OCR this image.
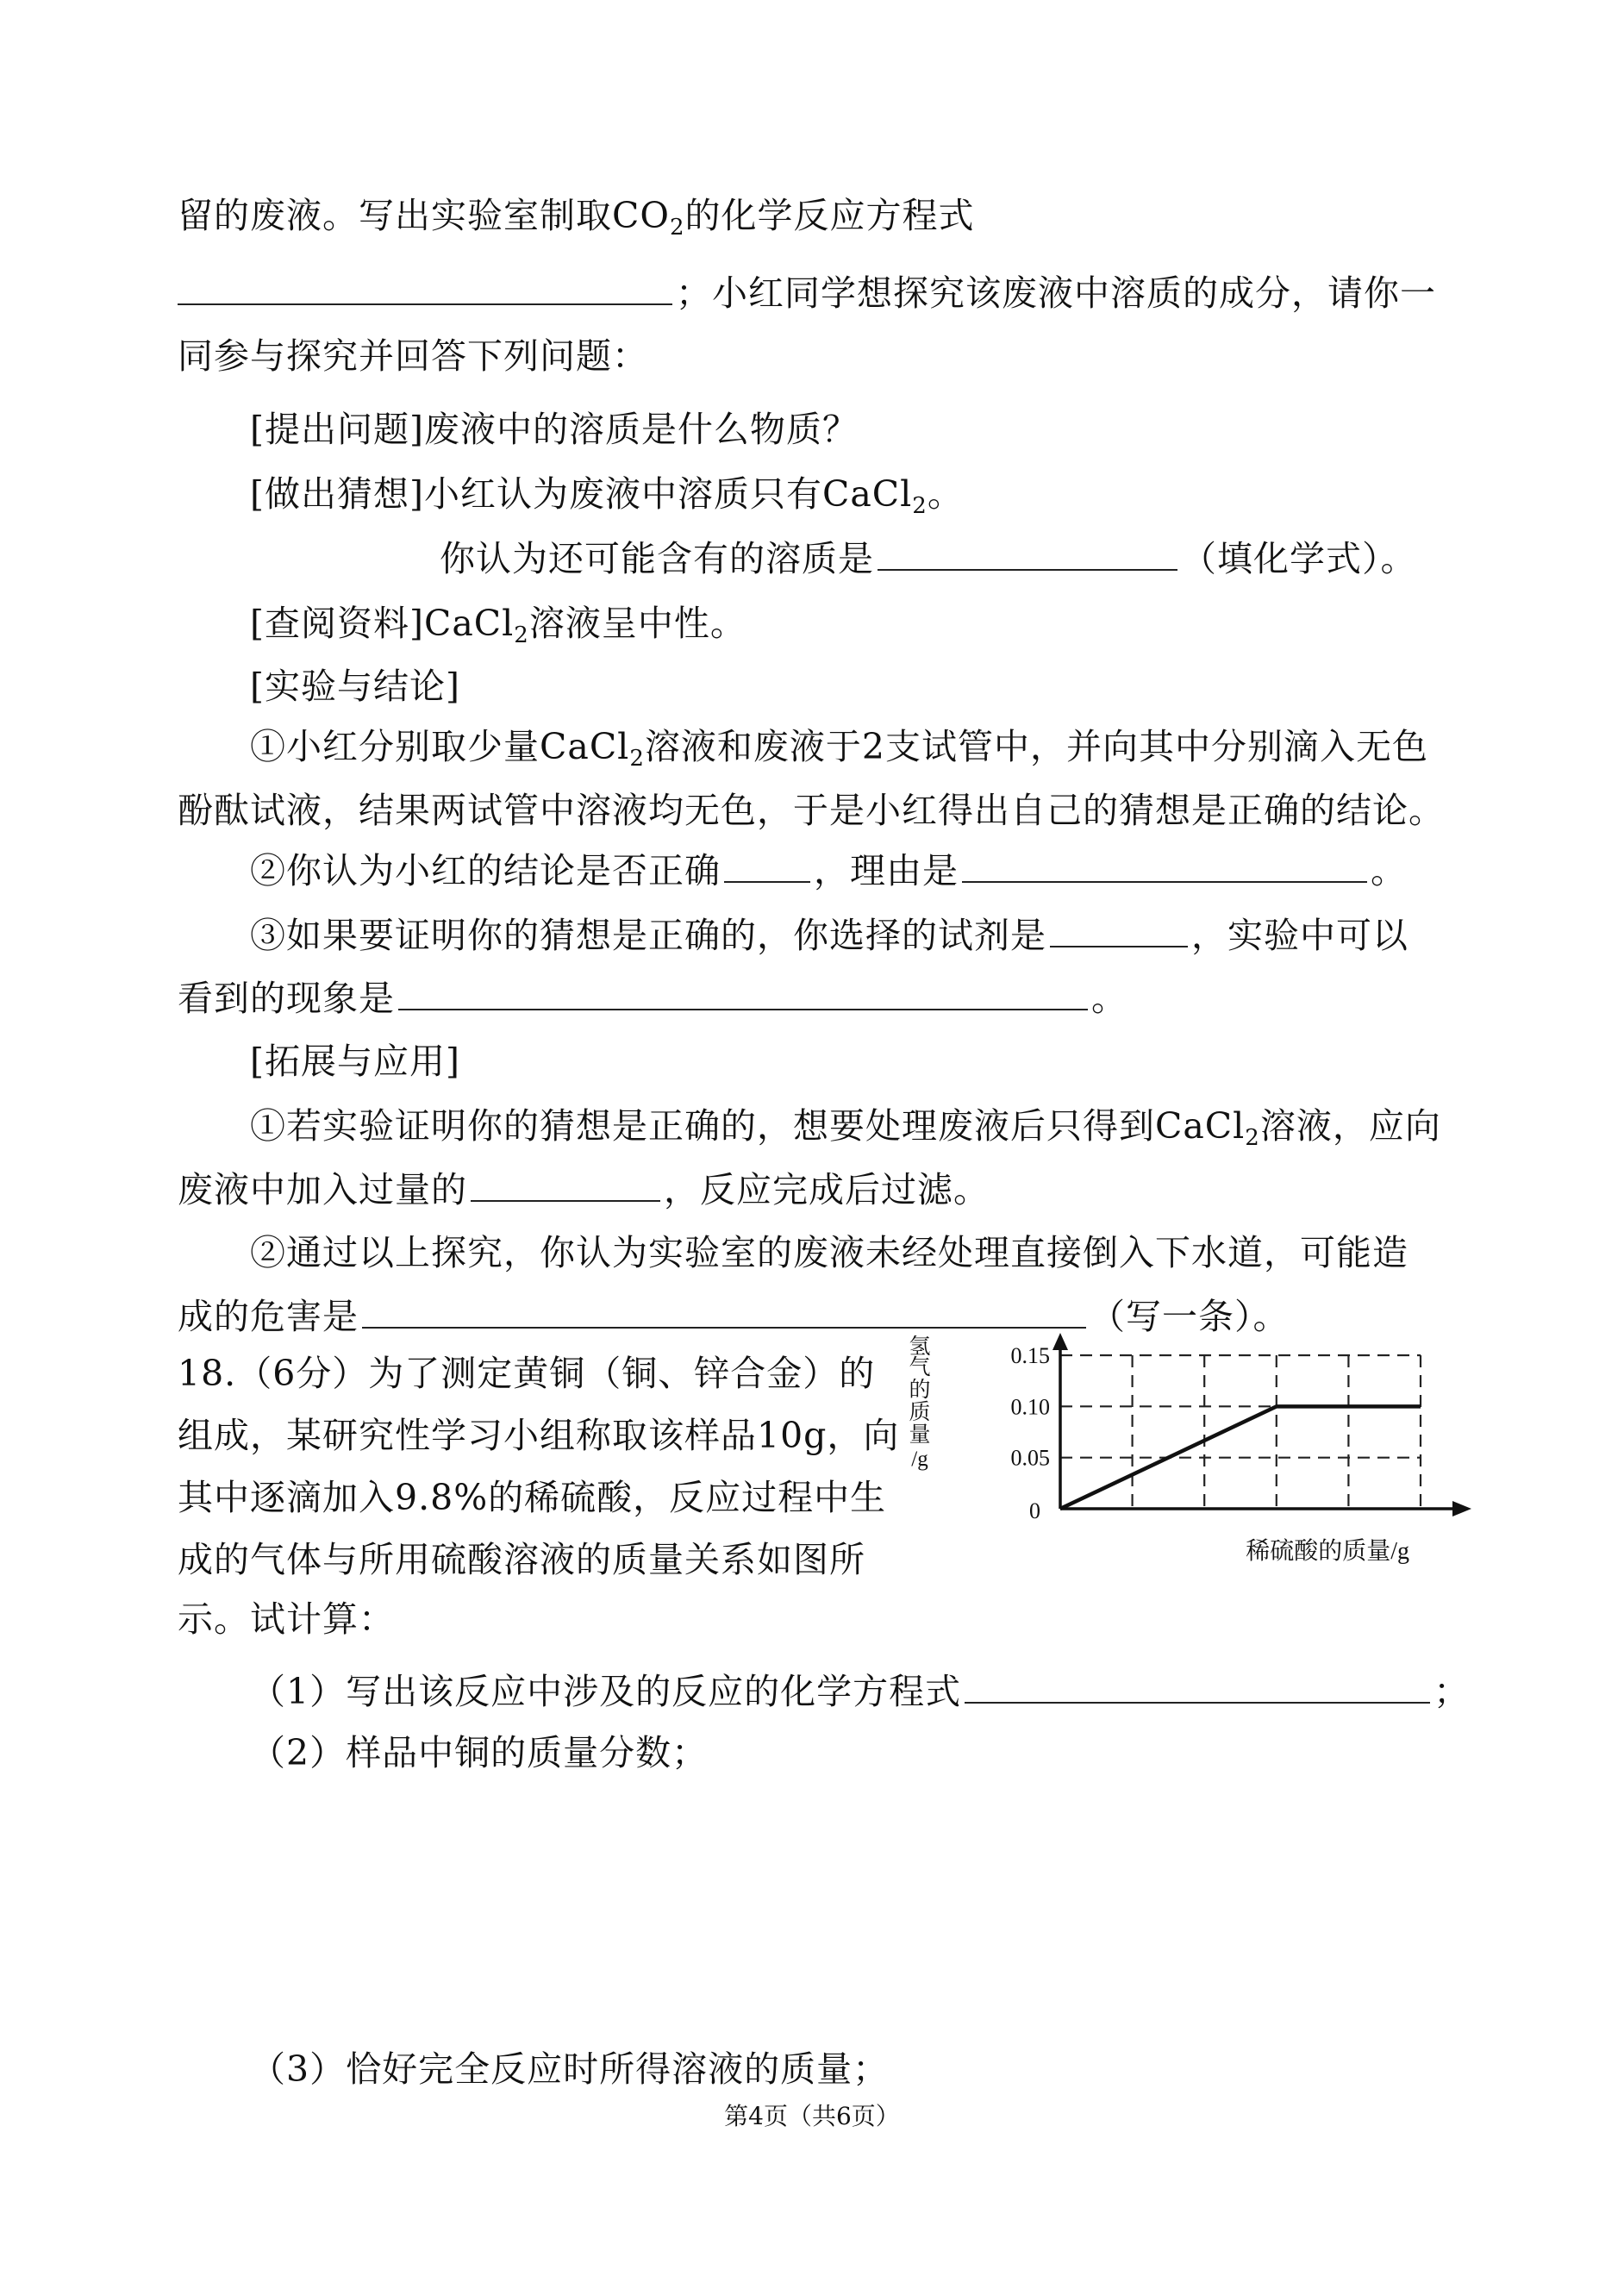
留的废液。写出实验室制取$CO_2$的化学反应方程式
；小红同学想探究该废液中溶质的成分，请你一
同参与探究并回答下列问题：
[提出问题]废液中的溶质是什么物质？
[做出猜想]小红认为废液中溶质只有CaCl$_2$。
你认为还可能含有的溶质是	（填化学式）。
[查阅资料]CaCl$_2$溶液呈中性。
[实验与结论]
①小红分别取少量CaCl$_2$溶液和废液于2支试管中，并向其中分别滴入无色
酚酞试液，结果两试管中溶液均无色，于是小红得出自己的猜想是正确的结论。
②你认为小红的结论是否正确	，理由是	。
③如果要证明你的猜想是正确的，你选择的试剂是	，实验中可以
看到的现象是	。
[拓展与应用]
①若实验证明你的猜想是正确的，想要处理废液后只得到CaCl$_2$溶液，应向
废液中加入过量的	，反应完成后过滤。
②通过以上探究，你认为实验室的废液未经处理直接倒入下水道，可能造
成的危害是	（写一条）。
18.（6分）为了测定黄铜（铜、锌合金）的
组成，某研究性学习小组称取该样品10g，向
其中逐滴加入9.8%的稀硫酸，反应过程中生
成的气体与所用硫酸溶液的质量关系如图所
示。试计算：
0.15
0.10
0.05
0
氢
气
的
质
量
/g
稀硫酸的质量/g
（1）写出该反应中涉及的反应的化学方程式	；
（2）样品中铜的质量分数；
（3）恰好完全反应时所得溶液的质量；
第4页（共6页）
